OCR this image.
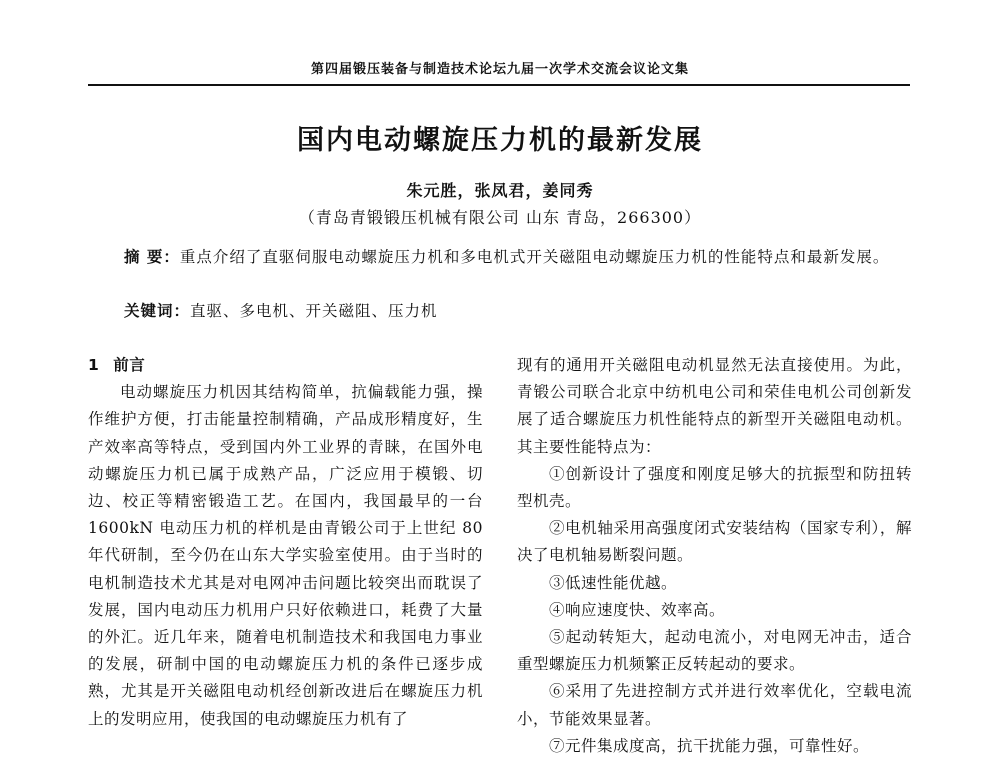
第四届锻压装备与制造技术论坛九届一次学术交流会议论文集
国内电动螺旋压力机的最新发展
朱元胜，张凤君，姜同秀
（青岛青锻锻压机械有限公司 山东 青岛，266300）

摘 要：重点介绍了直驱伺服电动螺旋压力机和多电机式开关磁阻电动螺旋压力机的性能特点和最新发展。

关键词：直驱、多电机、开关磁阻、压力机

1 前言

电动螺旋压力机因其结构简单，抗偏载能力强，操作维护方便，打击能量控制精确，产品成形精度好，生产效率高等特点，受到国内外工业界的青睐，在国外电动螺旋压力机已属于成熟产品，广泛应用于模锻、切边、校正等精密锻造工艺。在国内，我国最早的一台 1600kN 电动压力机的样机是由青锻公司于上世纪 80 年代研制，至今仍在山东大学实验室使用。由于当时的电机制造技术尤其是对电网冲击问题比较突出而耽误了发展，国内电动压力机用户只好依赖进口，耗费了大量的外汇。近几年来，随着电机制造技术和我国电力事业的发展，研制中国的电动螺旋压力机的条件已逐步成熟，尤其是开关磁阻电动机经创新改进后在螺旋压力机上的发明应用，使我国的电动螺旋压力机有了

现有的通用开关磁阻电动机显然无法直接使用。为此，青锻公司联合北京中纺机电公司和荣佳电机公司创新发展了适合螺旋压力机性能特点的新型开关磁阻电动机。其主要性能特点为：

①创新设计了强度和刚度足够大的抗振型和防扭转型机壳。

②电机轴采用高强度闭式安装结构（国家专利），解决了电机轴易断裂问题。

③低速性能优越。

④响应速度快、效率高。

⑤起动转矩大，起动电流小，对电网无冲击，适合重型螺旋压力机频繁正反转起动的要求。

⑥采用了先进控制方式并进行效率优化，空载电流小，节能效果显著。

⑦元件集成度高，抗干扰能力强，可靠性好。
